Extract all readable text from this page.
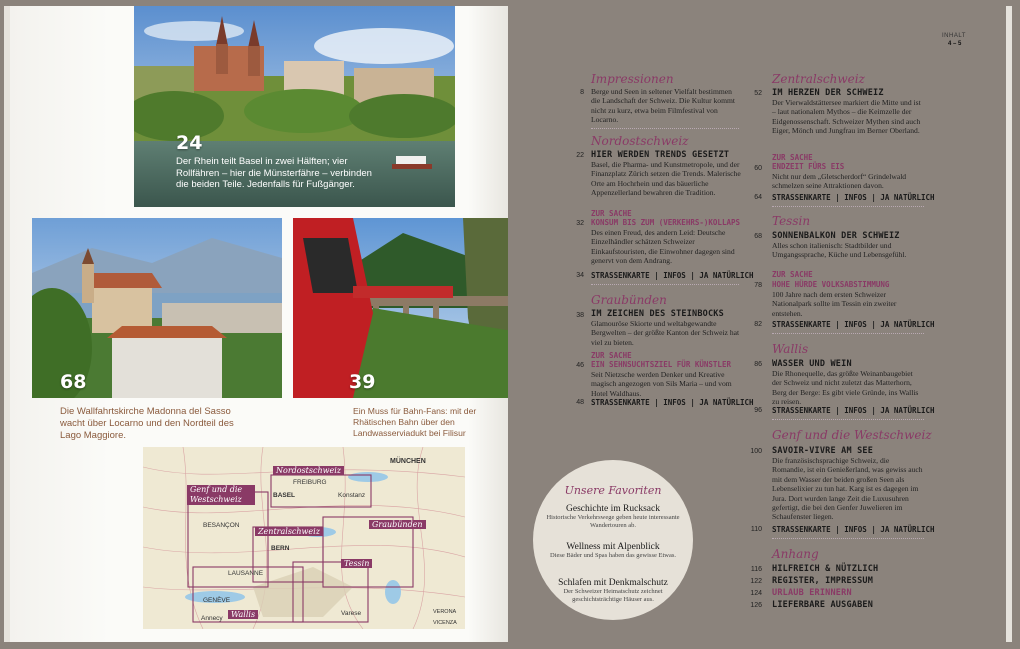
24
Der Rhein teilt Basel in zwei Hälften; vier Rollfähren – hier die Münsterfähre – verbinden die beiden Teile. Jedenfalls für Fußgänger.
68
Die Wallfahrtskirche Madonna del Sasso wacht über Locarno und den Nordteil des Lago Maggiore.
39
Ein Muss für Bahn-Fans: mit der Rhätischen Bahn über den Landwasserviadukt bei Filisur
MÜNCHEN
BASEL
FREIBURG
Konstanz
BESANÇON
BERN
LAUSANNE
GENÈVE
Annecy
Varese	VERONA
VICENZA
Nordostschweiz
Genf und die Westschweiz
Zentralschweiz
Graubünden
Tessin
Wallis
Unsere Favoriten
Geschichte im Rucksack
Historische Verkehrswege geben heute interessante Wandertouren ab.
Wellness mit Alpenblick
Diese Bäder und Spas haben das gewisse Etwas.
Schlafen mit Denkmalschutz
Der Schweizer Heimatschutz zeichnet geschichtsträchtige Häuser aus.
INHALT
4 – 5
Impressionen
8 Berge und Seen in seltener Vielfalt bestimmen die Landschaft der Schweiz. Die Kultur kommt nicht zu kurz, etwa beim Filmfestival von Locarno.
Nordostschweiz
22 HIER WERDEN TRENDS GESETZT
Basel, die Pharma- und Kunstmetropole, und der Finanzplatz Zürich setzen die Trends. Malerische Orte am Hochrhein und das bäuerliche Appenzellerland bewahren die Tradition.
32
ZUR SACHE
KONSUM BIS ZUM (VERKEHRS-)KOLLAPS
Des einen Freud, des andern Leid: Deutsche Einzelhändler schätzen Schweizer Einkaufstouristen, die Einwohner dagegen sind genervt von dem Andrang.
34 STRASSENKARTE | INFOS | JA NATÜRLICH
Graubünden
38 IM ZEICHEN DES STEINBOCKS
Glamouröse Skiorte und weltabgewandte Bergwelten – der größte Kanton der Schweiz hat viel zu bieten.
46
ZUR SACHE
EIN SEHNSUCHTSZIEL FÜR KÜNSTLER
Seit Nietzsche werden Denker und Kreative magisch angezogen von Sils Maria – und vom Hotel Waldhaus.
48 STRASSENKARTE | INFOS | JA NATÜRLICH
Zentralschweiz
52 IM HERZEN DER SCHWEIZ
Der Vierwaldstättersee markiert die Mitte und ist – laut nationalem Mythos – die Keimzelle der Eidgenossenschaft. Schweizer Mythen sind auch Eiger, Mönch und Jungfrau im Berner Oberland.
60
ZUR SACHE
ENDZEIT FÜRS EIS
Nicht nur dem „Gletscherdorf“ Grindelwald schmelzen seine Attraktionen davon.
64 STRASSENKARTE | INFOS | JA NATÜRLICH
Tessin
68 SONNENBALKON DER SCHWEIZ
Alles schon italienisch: Stadtbilder und Umgangssprache, Küche und Lebensgefühl.
78
ZUR SACHE
HOHE HÜRDE VOLKSABSTIMMUNG
100 Jahre nach dem ersten Schweizer Nationalpark sollte im Tessin ein zweiter entstehen.
82 STRASSENKARTE | INFOS | JA NATÜRLICH
Wallis
86 WASSER UND WEIN
Die Rhonequelle, das größte Weinanbaugebiet der Schweiz und nicht zuletzt das Matterhorn, Berg der Berge: Es gibt viele Gründe, ins Wallis zu reisen.
96 STRASSENKARTE | INFOS | JA NATÜRLICH
Genf und die Westschweiz
100 SAVOIR-VIVRE AM SEE
Die französischsprachige Schweiz, die Romandie, ist ein Genießerland, was gewiss auch mit dem Wasser der beiden großen Seen als Lebenselixier zu tun hat. Karg ist es dagegen im Jura. Dort wurden lange Zeit die Luxusuhren gefertigt, die bei den Genfer Juwelieren im Schaufenster liegen.
110 STRASSENKARTE | INFOS | JA NATÜRLICH
Anhang
116 HILFREICH & NÜTZLICH
122 REGISTER, IMPRESSUM
124 URLAUB ERINNERN
126 LIEFERBARE AUSGABEN
